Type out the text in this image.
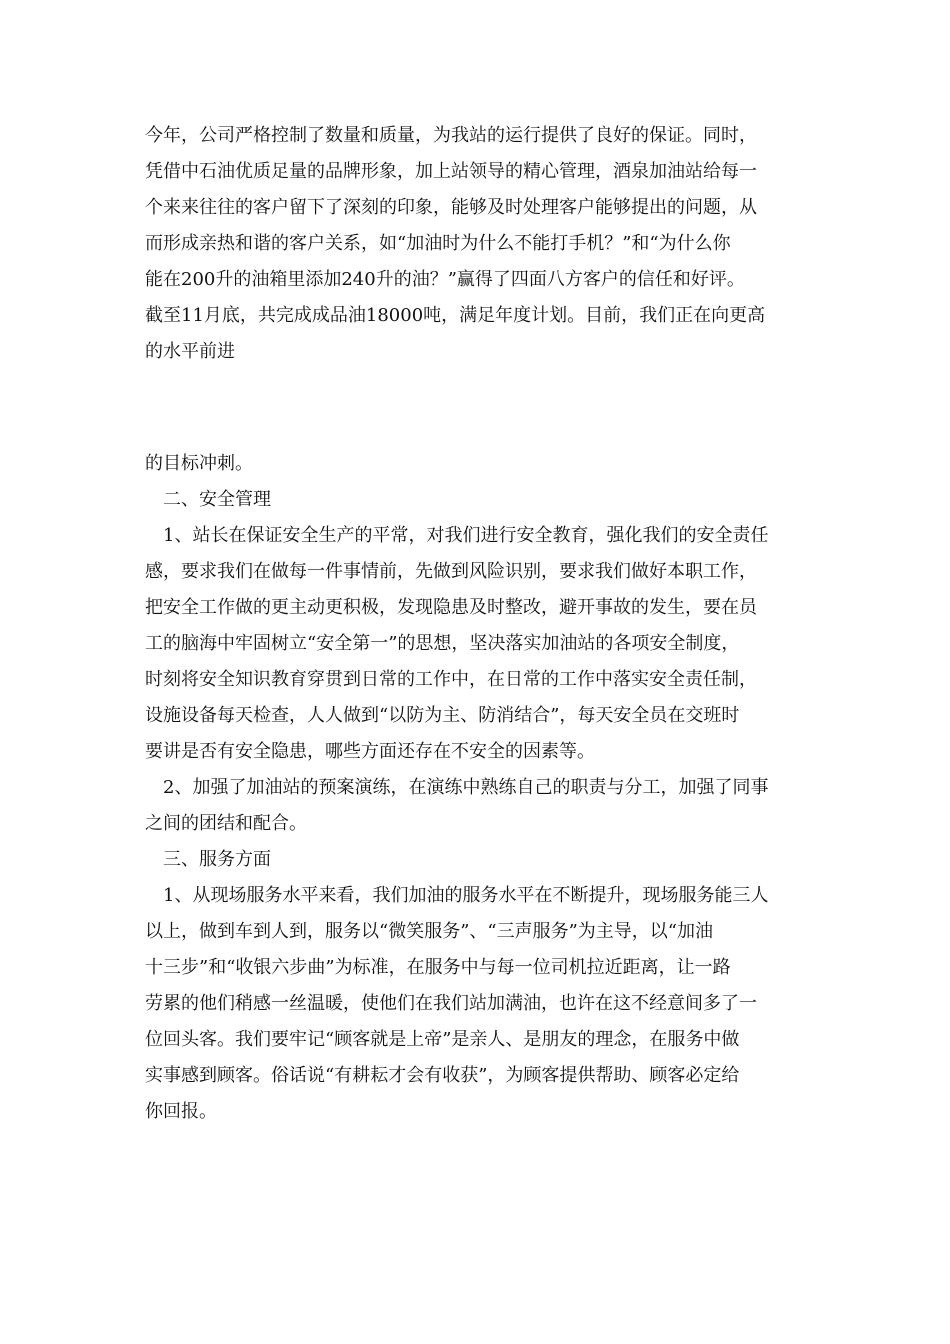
今年，公司严格控制了数量和质量，为我站的运行提供了良好的保证。同时，
凭借中石油优质足量的品牌形象，加上站领导的精心管理，酒泉加油站给每一
个来来往往的客户留下了深刻的印象，能够及时处理客户能够提出的问题，从
而形成亲热和谐的客户关系，如“加油时为什么不能打手机？”和“为什么你
能在200升的油箱里添加240升的油？”赢得了四面八方客户的信任和好评。
截至11月底，共完成成品油18000吨，满足年度计划。目前，我们正在向更高
的水平前进
的目标冲刺。
二、安全管理
1、站长在保证安全生产的平常，对我们进行安全教育，强化我们的安全责任
感，要求我们在做每一件事情前，先做到风险识别，要求我们做好本职工作，
把安全工作做的更主动更积极，发现隐患及时整改，避开事故的发生，要在员
工的脑海中牢固树立“安全第一”的思想，坚决落实加油站的各项安全制度，
时刻将安全知识教育穿贯到日常的工作中，在日常的工作中落实安全责任制，
设施设备每天检查，人人做到“以防为主、防消结合”，每天安全员在交班时
要讲是否有安全隐患，哪些方面还存在不安全的因素等。
2、加强了加油站的预案演练，在演练中熟练自己的职责与分工，加强了同事
之间的团结和配合。
三、服务方面
1、从现场服务水平来看，我们加油的服务水平在不断提升，现场服务能三人
以上，做到车到人到，服务以“微笑服务”、“三声服务”为主导，以“加油
十三步”和“收银六步曲”为标准，在服务中与每一位司机拉近距离，让一路
劳累的他们稍感一丝温暖，使他们在我们站加满油，也许在这不经意间多了一
位回头客。我们要牢记“顾客就是上帝”是亲人、是朋友的理念，在服务中做
实事感到顾客。俗话说“有耕耘才会有收获”，为顾客提供帮助、顾客必定给
你回报。
